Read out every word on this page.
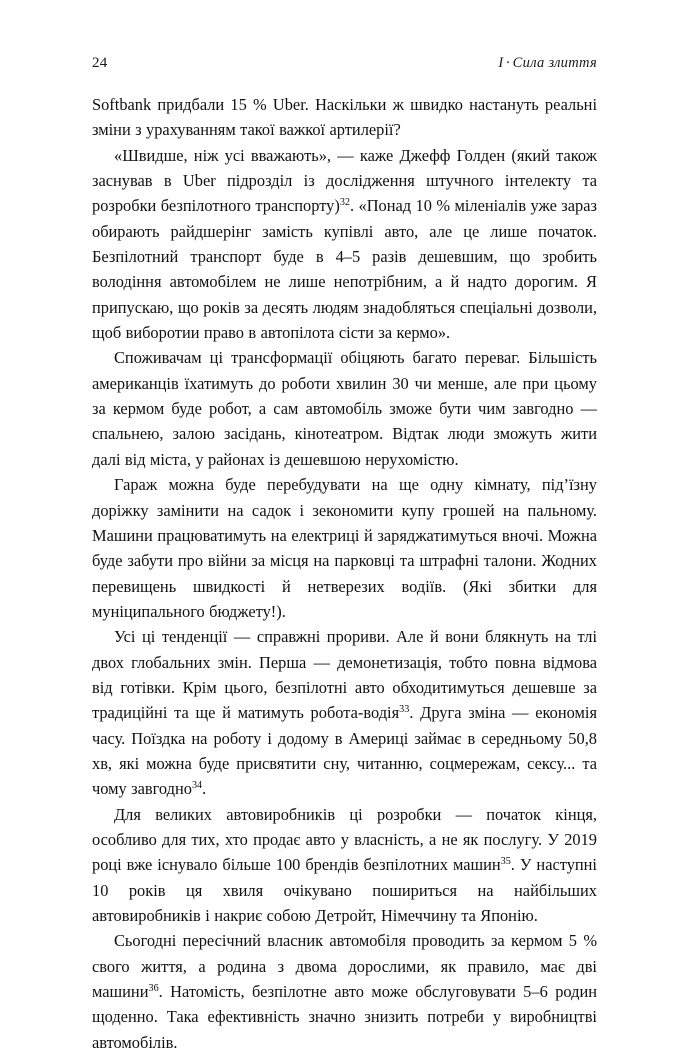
24	I · Сила злиття

Softbank придбали 15 % Uber. Наскільки ж швидко настануть реальні зміни з урахуванням такої важкої артилерії?

«Швидше, ніж усі вважають», — каже Джефф Голден (який також заснував в Uber підрозділ із дослідження штучного інтелекту та розробки безпілотного транспорту)$^{32}$. «Понад 10 % мiленіалів уже зараз обирають райдшерінг замість купівлі авто, але це лише початок. Безпілотний транспорт буде в 4–5 разів дешевшим, що зробить володіння автомобілем не лише непотрібним, а й надто дорогим. Я припускаю, що років за десять людям знадобляться спеціальні дозволи, щоб виборотии право в автопілота сісти за кермо».

Споживачам ці трансформації обіцяють багато переваг. Більшість американців їхатимуть до роботи хвилин 30 чи менше, але при цьому за кермом буде робот, а сам автомобіль зможе бути чим завгодно — спальнею, залою засідань, кінотеатром. Відтак люди зможуть жити далі від міста, у районах із дешевшою нерухомістю.

Гараж можна буде перебудувати на ще одну кімнату, під’їзну доріжку замінити на садок і зекономити купу грошей на пальному. Машини працюватимуть на електриці й заряджатимуться вночі. Можна буде забути про війни за місця на парковці та штрафні талони. Жодних перевищень швидкості й нетверезих водіїв. (Які збитки для муніципального бюджету!).

Усі ці тенденції — справжні прориви. Але й вони блякнуть на тлі двох глобальних змін. Перша — демонетизація, тобто повна відмова від готівки. Крім цього, безпілотні авто обходитимуться дешевше за традиційні та ще й матимуть робота-водія$^{33}$. Друга зміна — економія часу. Поїздка на роботу і додому в Америці займає в середньому 50,8 хв, які можна буде присвятити сну, читанню, соцмережам, сексу... та чому завгодно$^{34}$.

Для великих автовиробників ці розробки — початок кінця, особливо для тих, хто продає авто у власність, а не як послугу. У 2019 році вже існувало більше 100 брендів безпілотних машин$^{35}$. У наступні 10 років ця хвиля очікувано пошириться на найбільших автовиробників і накриє собою Детройт, Німеччину та Японію.

Сьогодні пересічний власник автомобіля проводить за кермом 5 % свого життя, а родина з двома дорослими, як правило, має дві машини$^{36}$. Натомість, безпілотне авто може обслуговувати 5–6 родин щоденно. Така ефективність значно знизить потреби у виробництві автомобілів.
